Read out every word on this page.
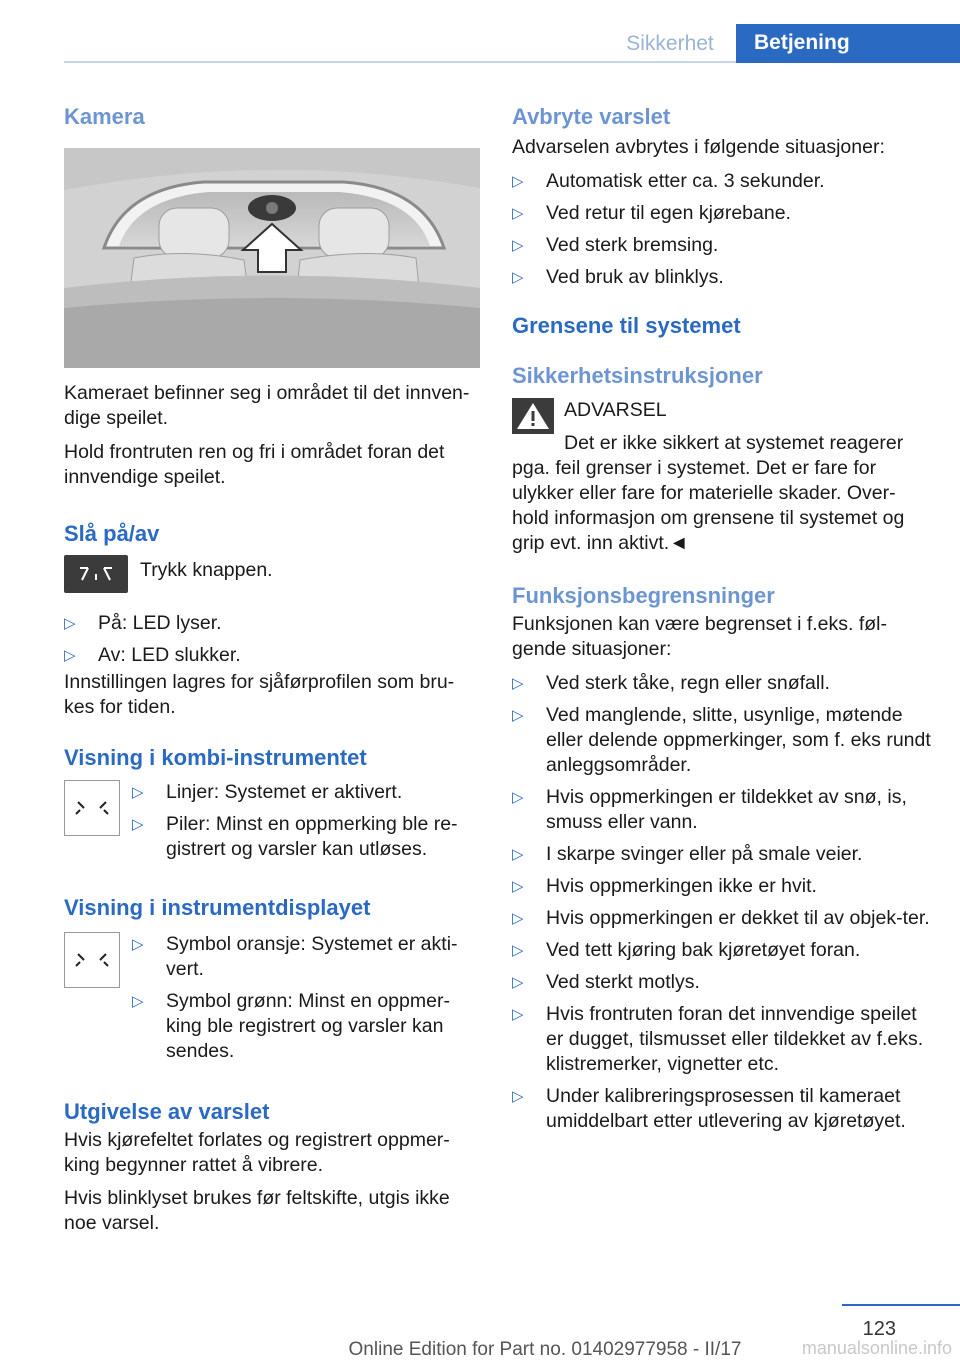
Sikkerhet	Betjening
Kamera

Kameraet befinner seg i området til det innven-dige speilet.

Hold frontruten ren og fri i området foran det innvendige speilet.

Slå på/av

Trykk knappen.

▷ På: LED lyser.
▷ Av: LED slukker.

Innstillingen lagres for sjåførprofilen som bru-kes for tiden.

Visning i kombi-instrumentet
▷ Linjer: Systemet er aktivert.
▷ Piler: Minst en oppmerking ble re-gistrert og varsler kan utløses.
Visning i instrumentdisplayet
▷ Symbol oransje: Systemet er akti-vert.
▷ Symbol grønn: Minst en oppmer-king ble registrert og varsler kan sendes.
Utgivelse av varslet

Hvis kjørefeltet forlates og registrert oppmer-king begynner rattet å vibrere.

Hvis blinklyset brukes før feltskifte, utgis ikke noe varsel.

Avbryte varslet

Advarselen avbrytes i følgende situasjoner:

▷ Automatisk etter ca. 3 sekunder.
▷ Ved retur til egen kjørebane.
▷ Ved sterk bremsing.
▷ Ved bruk av blinklys.
Grensene til systemet
Sikkerhetsinstruksjoner

ADVARSEL

Det er ikke sikkert at systemet reagerer

pga. feil grenser i systemet. Det er fare for ulykker eller fare for materielle skader. Over-hold informasjon om grensene til systemet og grip evt. inn aktivt.◄

Funksjonsbegrensninger

Funksjonen kan være begrenset i f.eks. føl-gende situasjoner:

▷ Ved sterk tåke, regn eller snøfall.
▷ Ved manglende, slitte, usynlige, møtende eller delende oppmerkinger, som f. eks rundt anleggsområder.
▷ Hvis oppmerkingen er tildekket av snø, is, smuss eller vann.
▷ I skarpe svinger eller på smale veier.
▷ Hvis oppmerkingen ikke er hvit.
▷ Hvis oppmerkingen er dekket til av objek-ter.
▷ Ved tett kjøring bak kjøretøyet foran.
▷ Ved sterkt motlys.
▷ Hvis frontruten foran det innvendige speilet er dugget, tilsmusset eller tildekket av f.eks. klistremerker, vignetter etc.
▷ Under kalibreringsprosessen til kameraet umiddelbart etter utlevering av kjøretøyet.
123
Online Edition for Part no. 01402977958 - II/17	manualsonline.info
